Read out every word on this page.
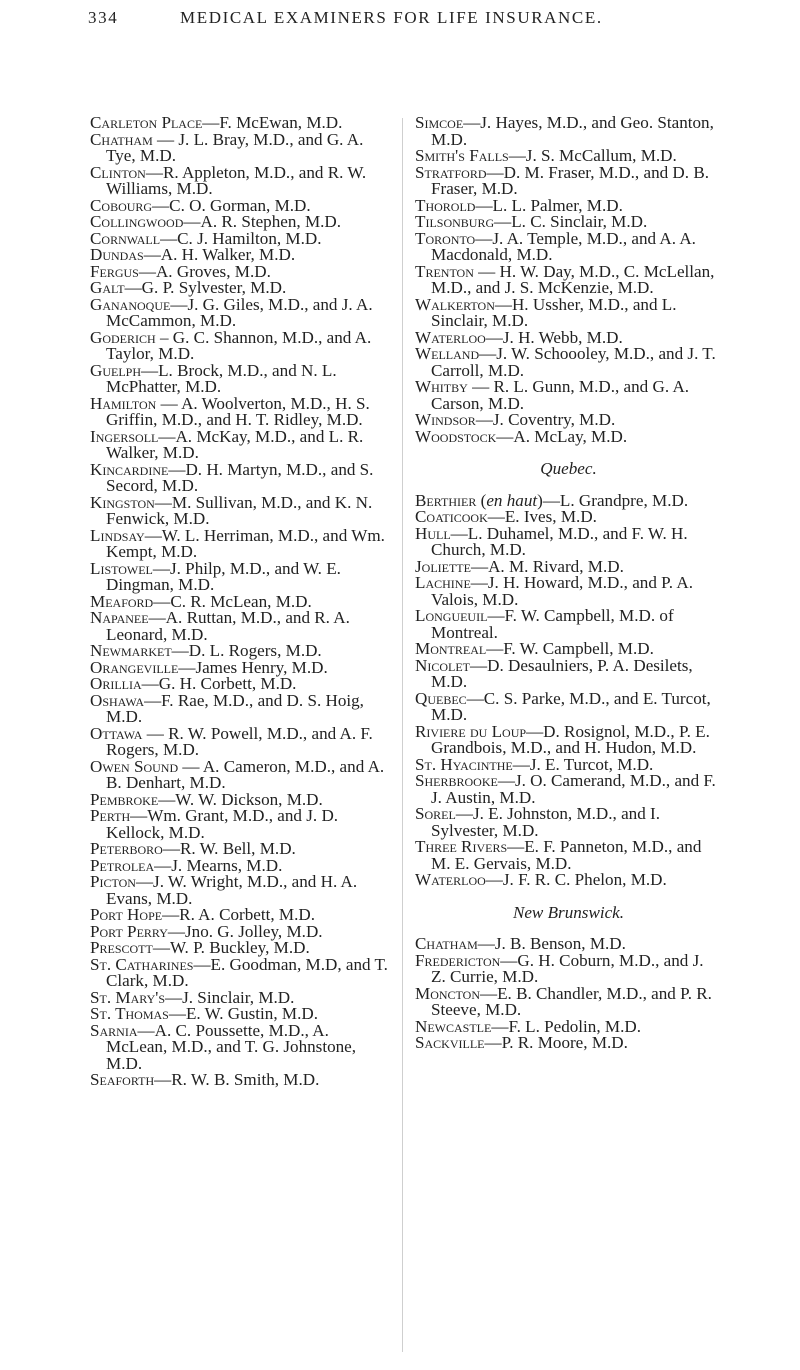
334	MEDICAL EXAMINERS FOR LIFE INSURANCE.

Carleton Place—F. McEwan, M.D.

Chatham — J. L. Bray, M.D., and G. A. Tye, M.D.

Clinton—R. Appleton, M.D., and R. W. Williams, M.D.

Cobourg—C. O. Gorman, M.D.

Collingwood—A. R. Stephen, M.D.

Cornwall—C. J. Hamilton, M.D.

Dundas—A. H. Walker, M.D.

Fergus—A. Groves, M.D.

Galt—G. P. Sylvester, M.D.

Gananoque—J. G. Giles, M.D., and J. A. McCammon, M.D.

Goderich – G. C. Shannon, M.D., and A. Taylor, M.D.

Guelph—L. Brock, M.D., and N. L. McPhatter, M.D.

Hamilton — A. Woolverton, M.D., H. S. Griffin, M.D., and H. T. Ridley, M.D.

Ingersoll—A. McKay, M.D., and L. R. Walker, M.D.

Kincardine—D. H. Martyn, M.D., and S. Secord, M.D.

Kingston—M. Sullivan, M.D., and K. N. Fenwick, M.D.

Lindsay—W. L. Herriman, M.D., and Wm. Kempt, M.D.

Listowel—J. Philp, M.D., and W. E. Dingman, M.D.

Meaford—C. R. McLean, M.D.

Napanee—A. Ruttan, M.D., and R. A. Leonard, M.D.

Newmarket—D. L. Rogers, M.D.

Orangeville—James Henry, M.D.

Orillia—G. H. Corbett, M.D.

Oshawa—F. Rae, M.D., and D. S. Hoig, M.D.

Ottawa — R. W. Powell, M.D., and A. F. Rogers, M.D.

Owen Sound — A. Cameron, M.D., and A. B. Denhart, M.D.

Pembroke—W. W. Dickson, M.D.

Perth—Wm. Grant, M.D., and J. D. Kellock, M.D.

Peterboro—R. W. Bell, M.D.

Petrolea—J. Mearns, M.D.

Picton—J. W. Wright, M.D., and H. A. Evans, M.D.

Port Hope—R. A. Corbett, M.D.

Port Perry—Jno. G. Jolley, M.D.

Prescott—W. P. Buckley, M.D.

St. Catharines—E. Goodman, M.D, and T. Clark, M.D.

St. Mary's—J. Sinclair, M.D.

St. Thomas—E. W. Gustin, M.D.

Sarnia—A. C. Poussette, M.D., A. McLean, M.D., and T. G. Johnstone, M.D.

Seaforth—R. W. B. Smith, M.D.

Simcoe—J. Hayes, M.D., and Geo. Stanton, M.D.

Smith's Falls—J. S. McCallum, M.D.

Stratford—D. M. Fraser, M.D., and D. B. Fraser, M.D.

Thorold—L. L. Palmer, M.D.

Tilsonburg—L. C. Sinclair, M.D.

Toronto—J. A. Temple, M.D., and A. A. Macdonald, M.D.

Trenton — H. W. Day, M.D., C. McLellan, M.D., and J. S. McKenzie, M.D.

Walkerton—H. Ussher, M.D., and L. Sinclair, M.D.

Waterloo—J. H. Webb, M.D.

Welland—J. W. Schoooley, M.D., and J. T. Carroll, M.D.

Whitby — R. L. Gunn, M.D., and G. A. Carson, M.D.

Windsor—J. Coventry, M.D.

Woodstock—A. McLay, M.D.

Quebec.

Berthier (en haut)—L. Grandpre, M.D.

Coaticook—E. Ives, M.D.

Hull—L. Duhamel, M.D., and F. W. H. Church, M.D.

Joliette—A. M. Rivard, M.D.

Lachine—J. H. Howard, M.D., and P. A. Valois, M.D.

Longueuil—F. W. Campbell, M.D. of Montreal.

Montreal—F. W. Campbell, M.D.

Nicolet—D. Desaulniers, P. A. Desilets, M.D.

Quebec—C. S. Parke, M.D., and E. Turcot, M.D.

Riviere du Loup—D. Rosignol, M.D., P. E. Grandbois, M.D., and H. Hudon, M.D.

St. Hyacinthe—J. E. Turcot, M.D.

Sherbrooke—J. O. Camerand, M.D., and F. J. Austin, M.D.

Sorel—J. E. Johnston, M.D., and I. Sylvester, M.D.

Three Rivers—E. F. Panneton, M.D., and M. E. Gervais, M.D.

Waterloo—J. F. R. C. Phelon, M.D.

New Brunswick.

Chatham—J. B. Benson, M.D.

Fredericton—G. H. Coburn, M.D., and J. Z. Currie, M.D.

Moncton—E. B. Chandler, M.D., and P. R. Steeve, M.D.

Newcastle—F. L. Pedolin, M.D.

Sackville—P. R. Moore, M.D.
